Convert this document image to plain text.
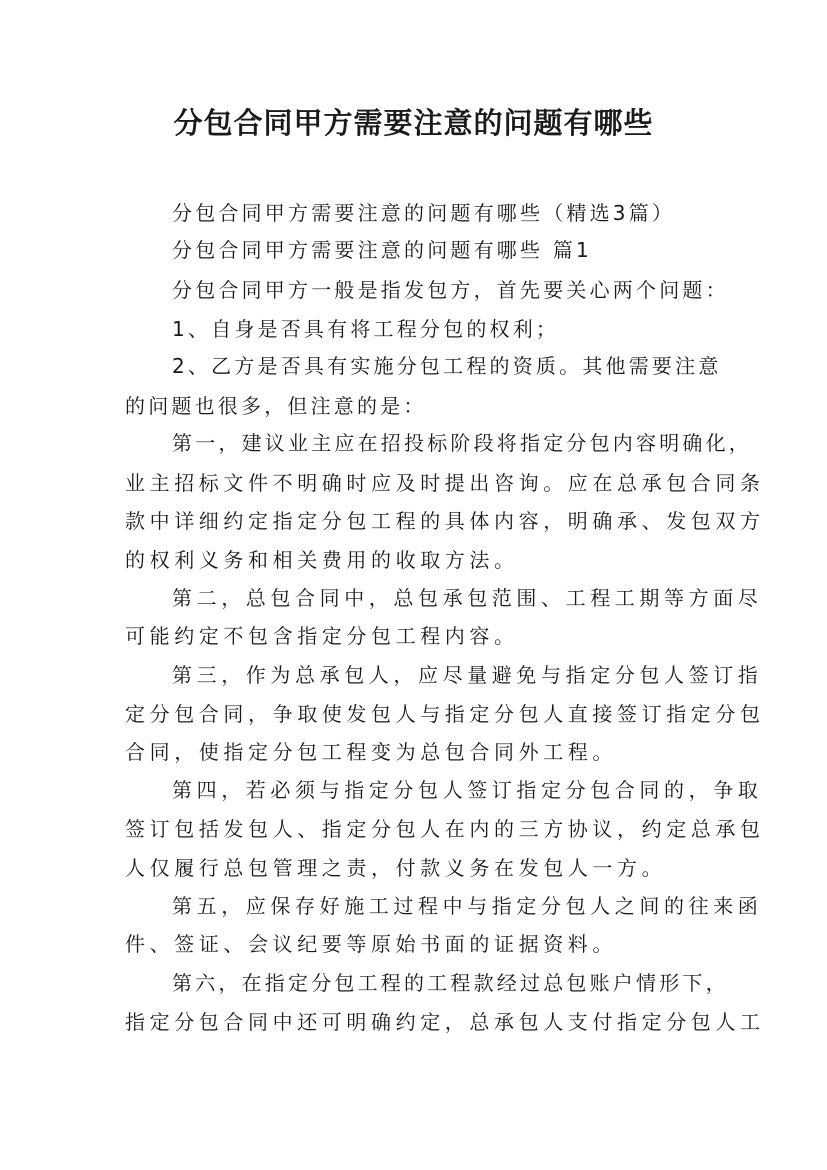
分包合同甲方需要注意的问题有哪些

分包合同甲方需要注意的问题有哪些（精选3篇）

分包合同甲方需要注意的问题有哪些 篇1

分包合同甲方一般是指发包方，首先要关心两个问题：

1、自身是否具有将工程分包的权利；

2、乙方是否具有实施分包工程的资质。其他需要注意

的问题也很多，但注意的是：

第一，建议业主应在招投标阶段将指定分包内容明确化，

业主招标文件不明确时应及时提出咨询。应在总承包合同条

款中详细约定指定分包工程的具体内容，明确承、发包双方

的权利义务和相关费用的收取方法。

第二，总包合同中，总包承包范围、工程工期等方面尽

可能约定不包含指定分包工程内容。

第三，作为总承包人，应尽量避免与指定分包人签订指

定分包合同，争取使发包人与指定分包人直接签订指定分包

合同，使指定分包工程变为总包合同外工程。

第四，若必须与指定分包人签订指定分包合同的，争取

签订包括发包人、指定分包人在内的三方协议，约定总承包

人仅履行总包管理之责，付款义务在发包人一方。

第五，应保存好施工过程中与指定分包人之间的往来函

件、签证、会议纪要等原始书面的证据资料。

第六，在指定分包工程的工程款经过总包账户情形下，

指定分包合同中还可明确约定，总承包人支付指定分包人工
